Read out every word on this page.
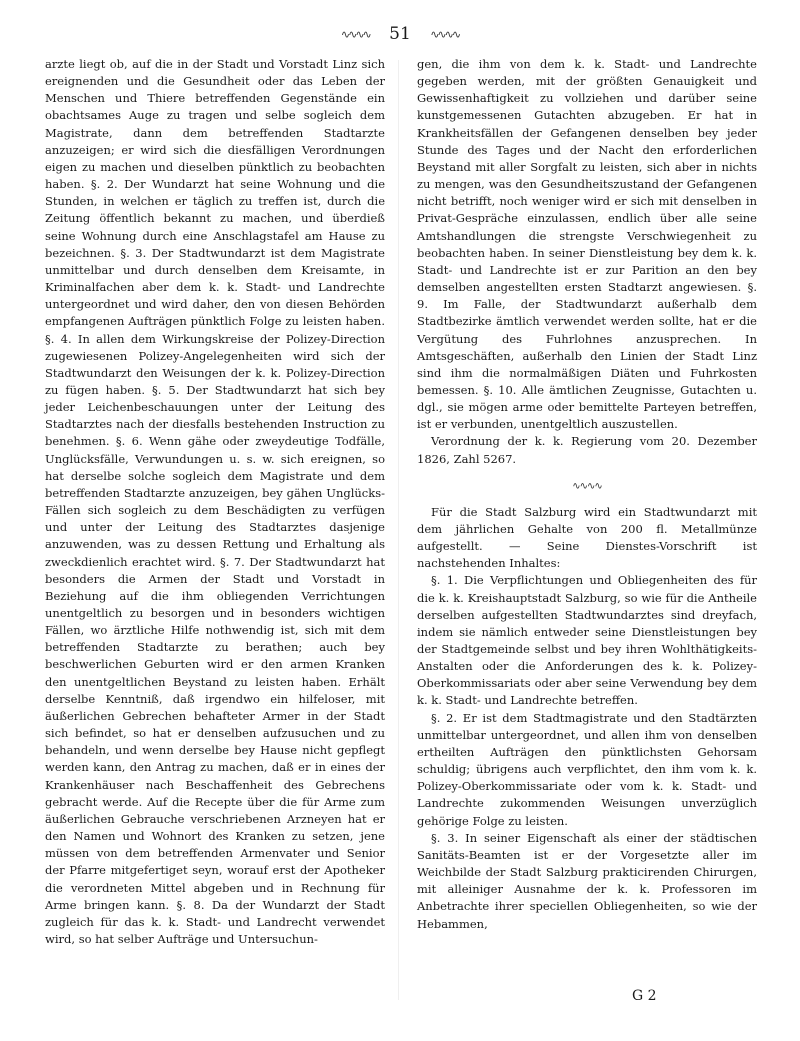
∿∿∿∿ 51 ∿∿∿∿

arzte liegt ob, auf die in der Stadt und Vorstadt Linz sich ereignenden und die Gesundheit oder das Leben der Menschen und Thiere betreffenden Gegenstände ein obachtsames Auge zu tragen und selbe sogleich dem Magistrate, dann dem betreffenden Stadtarzte anzuzeigen; er wird sich die diesfälligen Verordnungen eigen zu machen und dieselben pünktlich zu beobachten haben. §. 2. Der Wundarzt hat seine Wohnung und die Stunden, in welchen er täglich zu treffen ist, durch die Zeitung öffentlich bekannt zu machen, und überdieß seine Wohnung durch eine Anschlagstafel am Hause zu bezeichnen. §. 3. Der Stadtwundarzt ist dem Magistrate unmittelbar und durch denselben dem Kreisamte, in Kriminalfachen aber dem k. k. Stadt- und Landrechte untergeordnet und wird daher, den von diesen Behörden empfangenen Aufträgen pünktlich Folge zu leisten haben. §. 4. In allen dem Wirkungskreise der Polizey-Direction zugewiesenen Polizey-Angelegenheiten wird sich der Stadtwundarzt den Weisungen der k. k. Polizey-Direction zu fügen haben. §. 5. Der Stadtwundarzt hat sich bey jeder Leichenbeschauungen unter der Leitung des Stadtarztes nach der diesfalls bestehenden Instruction zu benehmen. §. 6. Wenn gähe oder zweydeutige Todfälle, Unglücksfälle, Verwundungen u. s. w. sich ereignen, so hat derselbe solche sogleich dem Magistrate und dem betreffenden Stadtarzte anzuzeigen, bey gähen Unglücks-Fällen sich sogleich zu dem Beschädigten zu verfügen und unter der Leitung des Stadtarztes dasjenige anzuwenden, was zu dessen Rettung und Erhaltung als zweckdienlich erachtet wird. §. 7. Der Stadtwundarzt hat besonders die Armen der Stadt und Vorstadt in Beziehung auf die ihm obliegenden Verrichtungen unentgeltlich zu besorgen und in besonders wichtigen Fällen, wo ärztliche Hilfe nothwendig ist, sich mit dem betreffenden Stadtarzte zu berathen; auch bey beschwerlichen Geburten wird er den armen Kranken den unentgeltlichen Beystand zu leisten haben. Erhält derselbe Kenntniß, daß irgendwo ein hilfeloser, mit äußerlichen Gebrechen behafteter Armer in der Stadt sich befindet, so hat er denselben aufzusuchen und zu behandeln, und wenn derselbe bey Hause nicht gepflegt werden kann, den Antrag zu machen, daß er in eines der Krankenhäuser nach Beschaffenheit des Gebrechens gebracht werde. Auf die Recepte über die für Arme zum äußerlichen Gebrauche verschriebenen Arzneyen hat er den Namen und Wohnort des Kranken zu setzen, jene müssen von dem betreffenden Armenvater und Senior der Pfarre mitgefertiget seyn, worauf erst der Apotheker die verordneten Mittel abgeben und in Rechnung für Arme bringen kann. §. 8. Da der Wundarzt der Stadt zugleich für das k. k. Stadt- und Landrecht verwendet wird, so hat selber Aufträge und Untersuchun-

gen, die ihm von dem k. k. Stadt- und Landrechte gegeben werden, mit der größten Genauigkeit und Gewissenhaftigkeit zu vollziehen und darüber seine kunstgemessenen Gutachten abzugeben. Er hat in Krankheitsfällen der Gefangenen denselben bey jeder Stunde des Tages und der Nacht den erforderlichen Beystand mit aller Sorgfalt zu leisten, sich aber in nichts zu mengen, was den Gesundheitszustand der Gefangenen nicht betrifft, noch weniger wird er sich mit denselben in Privat-Gespräche einzulassen, endlich über alle seine Amtshandlungen die strengste Verschwiegenheit zu beobachten haben. In seiner Dienstleistung bey dem k. k. Stadt- und Landrechte ist er zur Parition an den bey demselben angestellten ersten Stadtarzt angewiesen. §. 9. Im Falle, der Stadtwundarzt außerhalb dem Stadtbezirke ämtlich verwendet werden sollte, hat er die Vergütung des Fuhrlohnes anzusprechen. In Amtsgeschäften, außerhalb den Linien der Stadt Linz sind ihm die normalmäßigen Diäten und Fuhrkosten bemessen. §. 10. Alle ämtlichen Zeugnisse, Gutachten u. dgl., sie mögen arme oder bemittelte Parteyen betreffen, ist er verbunden, unentgeltlich auszustellen.

Verordnung der k. k. Regierung vom 20. Dezember 1826, Zahl 5267.

∿∿∿∿

Für die Stadt Salzburg wird ein Stadtwundarzt mit dem jährlichen Gehalte von 200 fl. Metallmünze aufgestellt. — Seine Dienstes-Vorschrift ist nachstehenden Inhaltes:

§. 1. Die Verpflichtungen und Obliegenheiten des für die k. k. Kreishauptstadt Salzburg, so wie für die Antheile derselben aufgestellten Stadtwundarztes sind dreyfach, indem sie nämlich entweder seine Dienstleistungen bey der Stadtgemeinde selbst und bey ihren Wohlthätigkeits-Anstalten oder die Anforderungen des k. k. Polizey-Oberkommissariats oder aber seine Verwendung bey dem k. k. Stadt- und Landrechte betreffen.

§. 2. Er ist dem Stadtmagistrate und den Stadtärzten unmittelbar untergeordnet, und allen ihm von denselben ertheilten Aufträgen den pünktlichsten Gehorsam schuldig; übrigens auch verpflichtet, den ihm vom k. k. Polizey-Oberkommissariate oder vom k. k. Stadt- und Landrechte zukommenden Weisungen unverzüglich gehörige Folge zu leisten.

§. 3. In seiner Eigenschaft als einer der städtischen Sanitäts-Beamten ist er der Vorgesetzte aller im Weichbilde der Stadt Salzburg prakticirenden Chirurgen, mit alleiniger Ausnahme der k. k. Professoren im Anbetrachte ihrer speciellen Obliegenheiten, so wie der Hebammen,

G 2
